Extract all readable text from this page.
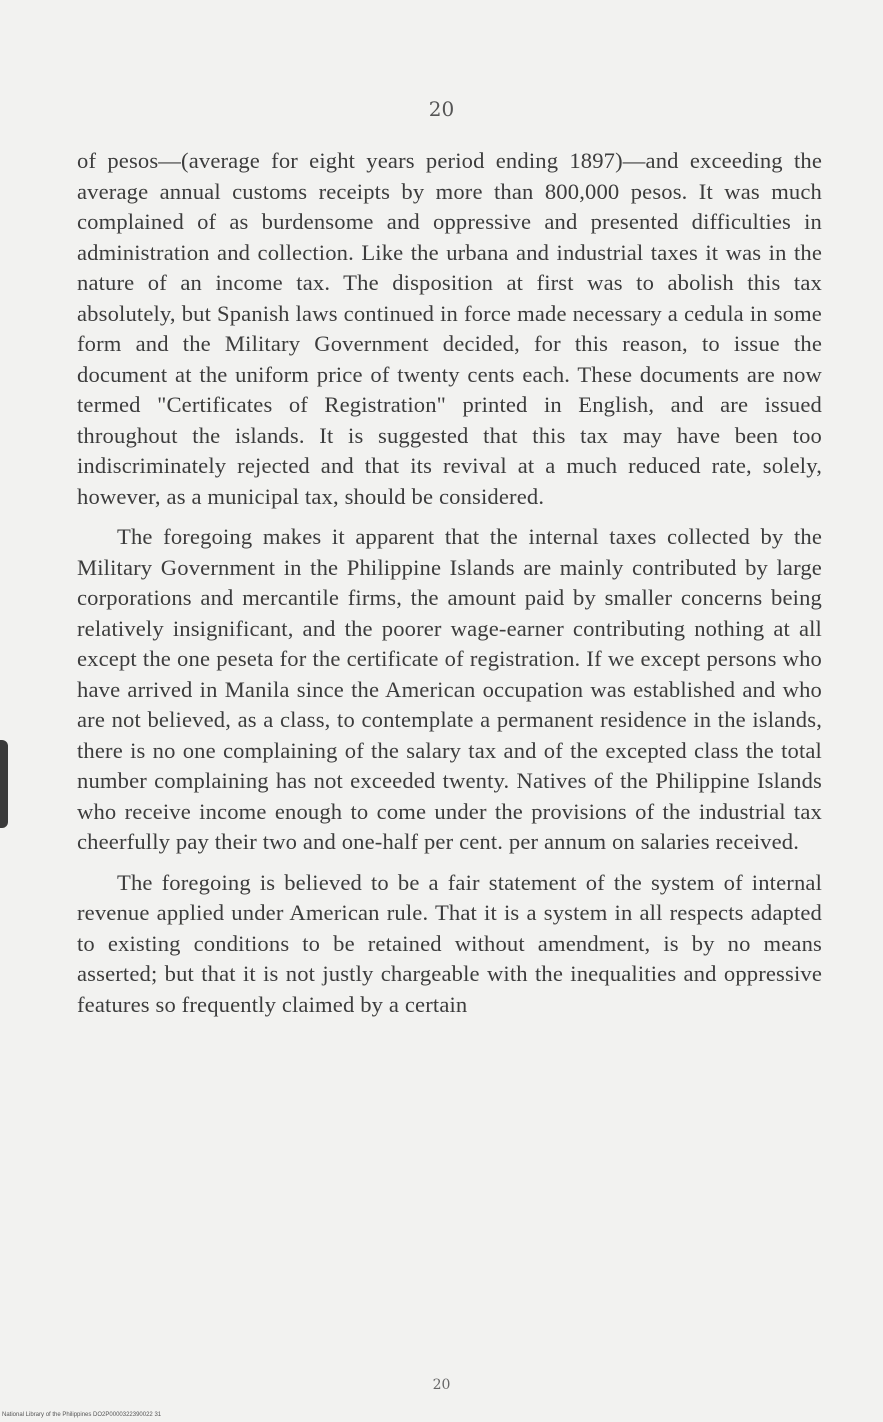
20

of pesos—(average for eight years period ending 1897)—and exceeding the average annual customs receipts by more than 800,000 pesos. It was much complained of as burdensome and oppressive and presented difficulties in administration and collection. Like the urbana and industrial taxes it was in the nature of an income tax. The disposition at first was to abolish this tax absolutely, but Spanish laws continued in force made necessary a cedula in some form and the Military Government decided, for this reason, to issue the document at the uniform price of twenty cents each. These documents are now termed "Certificates of Registration" printed in English, and are issued throughout the islands. It is suggested that this tax may have been too indiscriminately rejected and that its revival at a much reduced rate, solely, however, as a municipal tax, should be considered.

The foregoing makes it apparent that the internal taxes collected by the Military Government in the Philippine Islands are mainly contributed by large corporations and mercantile firms, the amount paid by smaller concerns being relatively insignificant, and the poorer wage-earner contributing nothing at all except the one peseta for the certificate of registration. If we except persons who have arrived in Manila since the American occupation was established and who are not believed, as a class, to contemplate a permanent residence in the islands, there is no one complaining of the salary tax and of the excepted class the total number complaining has not exceeded twenty. Natives of the Philippine Islands who receive income enough to come under the provisions of the industrial tax cheerfully pay their two and one-half per cent. per annum on salaries received.

The foregoing is believed to be a fair statement of the system of internal revenue applied under American rule. That it is a system in all respects adapted to existing conditions to be retained without amendment, is by no means asserted; but that it is not justly chargeable with the inequalities and oppressive features so frequently claimed by a certain

20
National Library of the Philippines DO2P0000322390022 31
